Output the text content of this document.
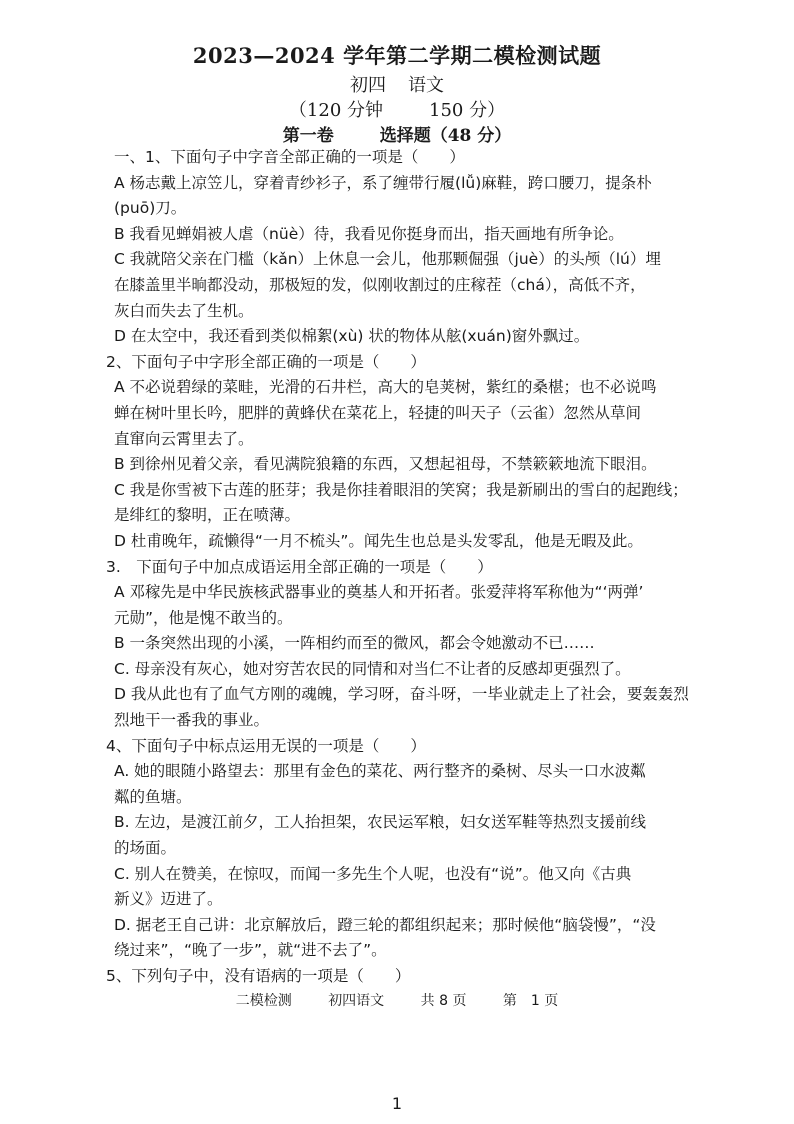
2023—2024 学年第二学期二模检测试题
初四 语文
（120 分钟	150 分）
第一卷	选择题（48 分）
一、1、下面句子中字音全部正确的一项是（　　）
A 杨志戴上凉笠儿，穿着青纱衫子，系了缠带行履(lǚ)麻鞋，跨口腰刀，提条朴
(puō)刀。
B 我看见蝉娟被人虐（nüè）待，我看见你挺身而出，指天画地有所争论。
C 我就陪父亲在门槛（kǎn）上休息一会儿，他那颗倔强（juè）的头颅（lú）埋
在膝盖里半晌都没动，那极短的发，似刚收割过的庄稼茬（chá），高低不齐，
灰白而失去了生机。
D 在太空中，我还看到类似棉絮(xù) 状的物体从舷(xuán)窗外飘过。
2、下面句子中字形全部正确的一项是（　　）
A 不必说碧绿的菜畦，光滑的石井栏，高大的皂荚树，紫红的桑椹；也不必说鸣
蝉在树叶里长吟，肥胖的黄蜂伏在菜花上，轻捷的叫天子（云雀）忽然从草间
直窜向云霄里去了。
B 到徐州见着父亲，看见满院狼籍的东西，又想起祖母，不禁簌簌地流下眼泪。
C 我是你雪被下古莲的胚芽；我是你挂着眼泪的笑窝；我是新刷出的雪白的起跑线；
是绯红的黎明，正在喷薄。
D 杜甫晚年，疏懒得“一月不梳头”。闻先生也总是头发零乱，他是无暇及此。
3.　下面句子中加点成语运用全部正确的一项是（　　）
A 邓稼先是中华民族核武器事业的奠基人和开拓者。张爱萍将军称他为“‘两弹’
元勋”，他是愧不敢当的。
B 一条突然出现的小溪，一阵相约而至的微风，都会令她激动不已……
C. 母亲没有灰心，她对穷苦农民的同情和对当仁不让者的反感却更强烈了。
D 我从此也有了血气方刚的魂魄，学习呀，奋斗呀，一毕业就走上了社会，要轰轰烈
烈地干一番我的事业。
4、下面句子中标点运用无误的一项是（　　）
A. 她的眼随小路望去：那里有金色的菜花、两行整齐的桑树、尽头一口水波粼
粼的鱼塘。
B. 左边，是渡江前夕，工人抬担架，农民运军粮，妇女送军鞋等热烈支援前线
的场面。
C. 别人在赞美，在惊叹，而闻一多先生个人呢，也没有“说”。他又向《古典
新义》迈进了。
D. 据老王自己讲：北京解放后，蹬三轮的都组织起来；那时候他“脑袋慢”，“没
绕过来”，“晚了一步”，就“进不去了”。
5、下列句子中，没有语病的一项是（　　）
二模检测	初四语文	共 8 页	第　1 页
1
